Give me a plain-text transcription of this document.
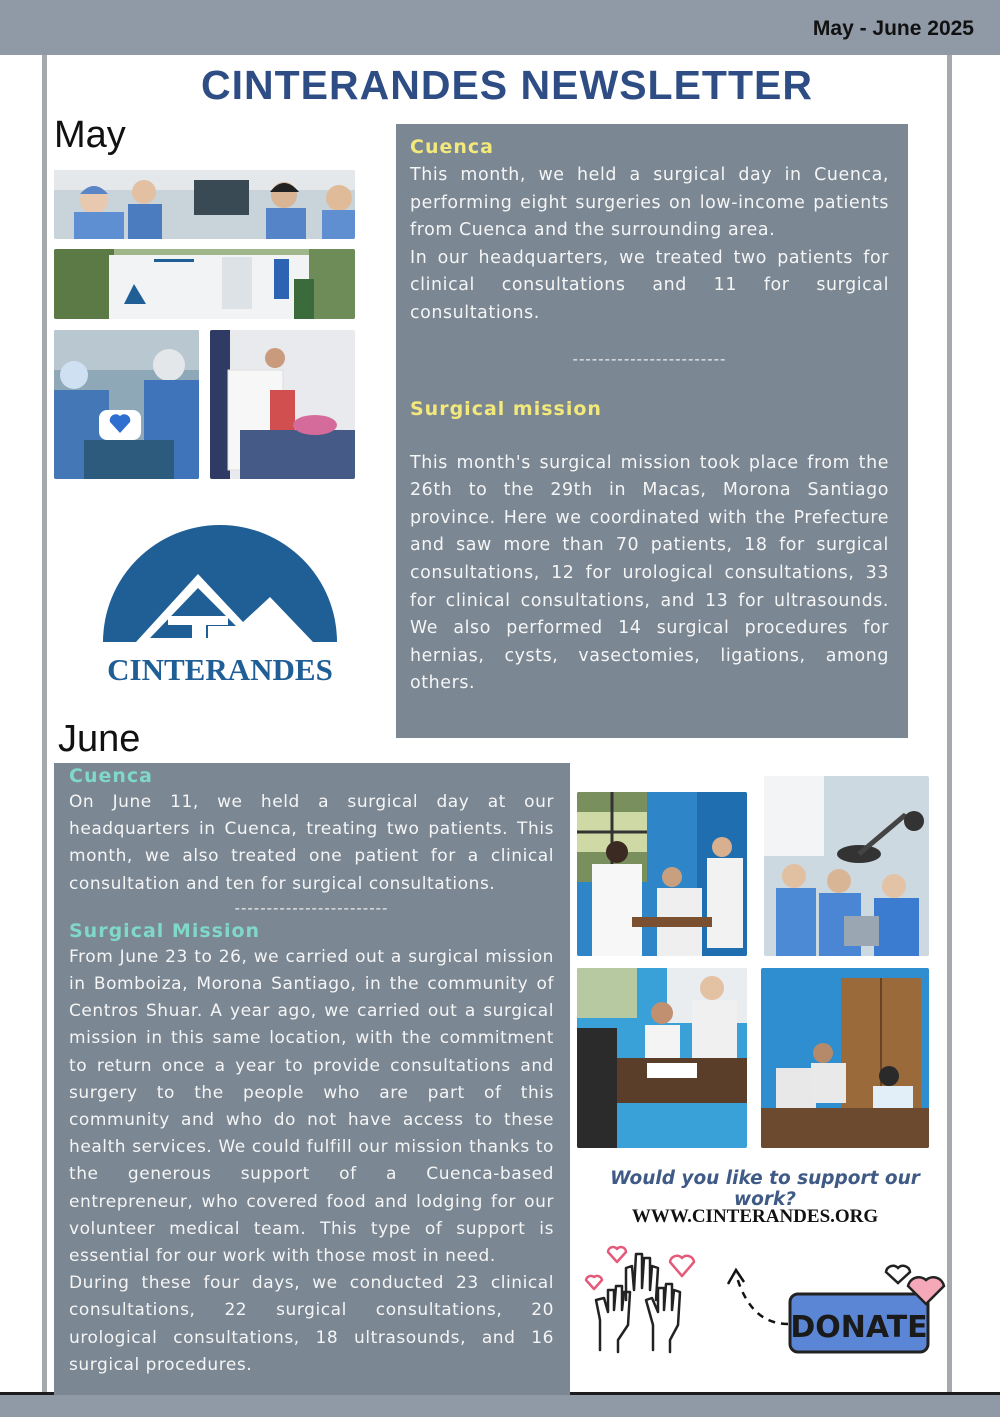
May - June 2025
CINTERANDES NEWSLETTER
May
CINTERANDES
Cuenca

This month, we held a surgical day in Cuenca, performing eight surgeries on low-income patients from Cuenca and the surrounding area.

In our headquarters, we treated two patients for clinical consultations and 11 for surgical consultations.

------------------------
Surgical mission

This month's surgical mission took place from the 26th to the 29th in Macas, Morona Santiago province. Here we coordinated with the Prefecture and saw more than 70 patients, 18 for surgical consultations, 12 for urological consultations, 33 for clinical consultations, and 13 for ultrasounds. We also performed 14 surgical procedures for hernias, cysts, vasectomies, ligations, among others.

June
Cuenca

On June 11, we held a surgical day at our headquarters in Cuenca, treating two patients. This month, we also treated one patient for a clinical consultation and ten for surgical consultations.

------------------------
Surgical Mission

From June 23 to 26, we carried out a surgical mission in Bomboiza, Morona Santiago, in the community of Centros Shuar. A year ago, we carried out a surgical mission in this same location, with the commitment to return once a year to provide consultations and surgery to the people who are part of this community and who do not have access to these health services. We could fulfill our mission thanks to the generous support of a Cuenca-based entrepreneur, who covered food and lodging for our volunteer medical team. This type of support is essential for our work with those most in need.

During these four days, we conducted 23 clinical consultations, 22 surgical consultations, 20 urological consultations, 18 ultrasounds, and 16 surgical procedures.

Would you like to support our work?
WWW.CINTERANDES.ORG
DONATE
